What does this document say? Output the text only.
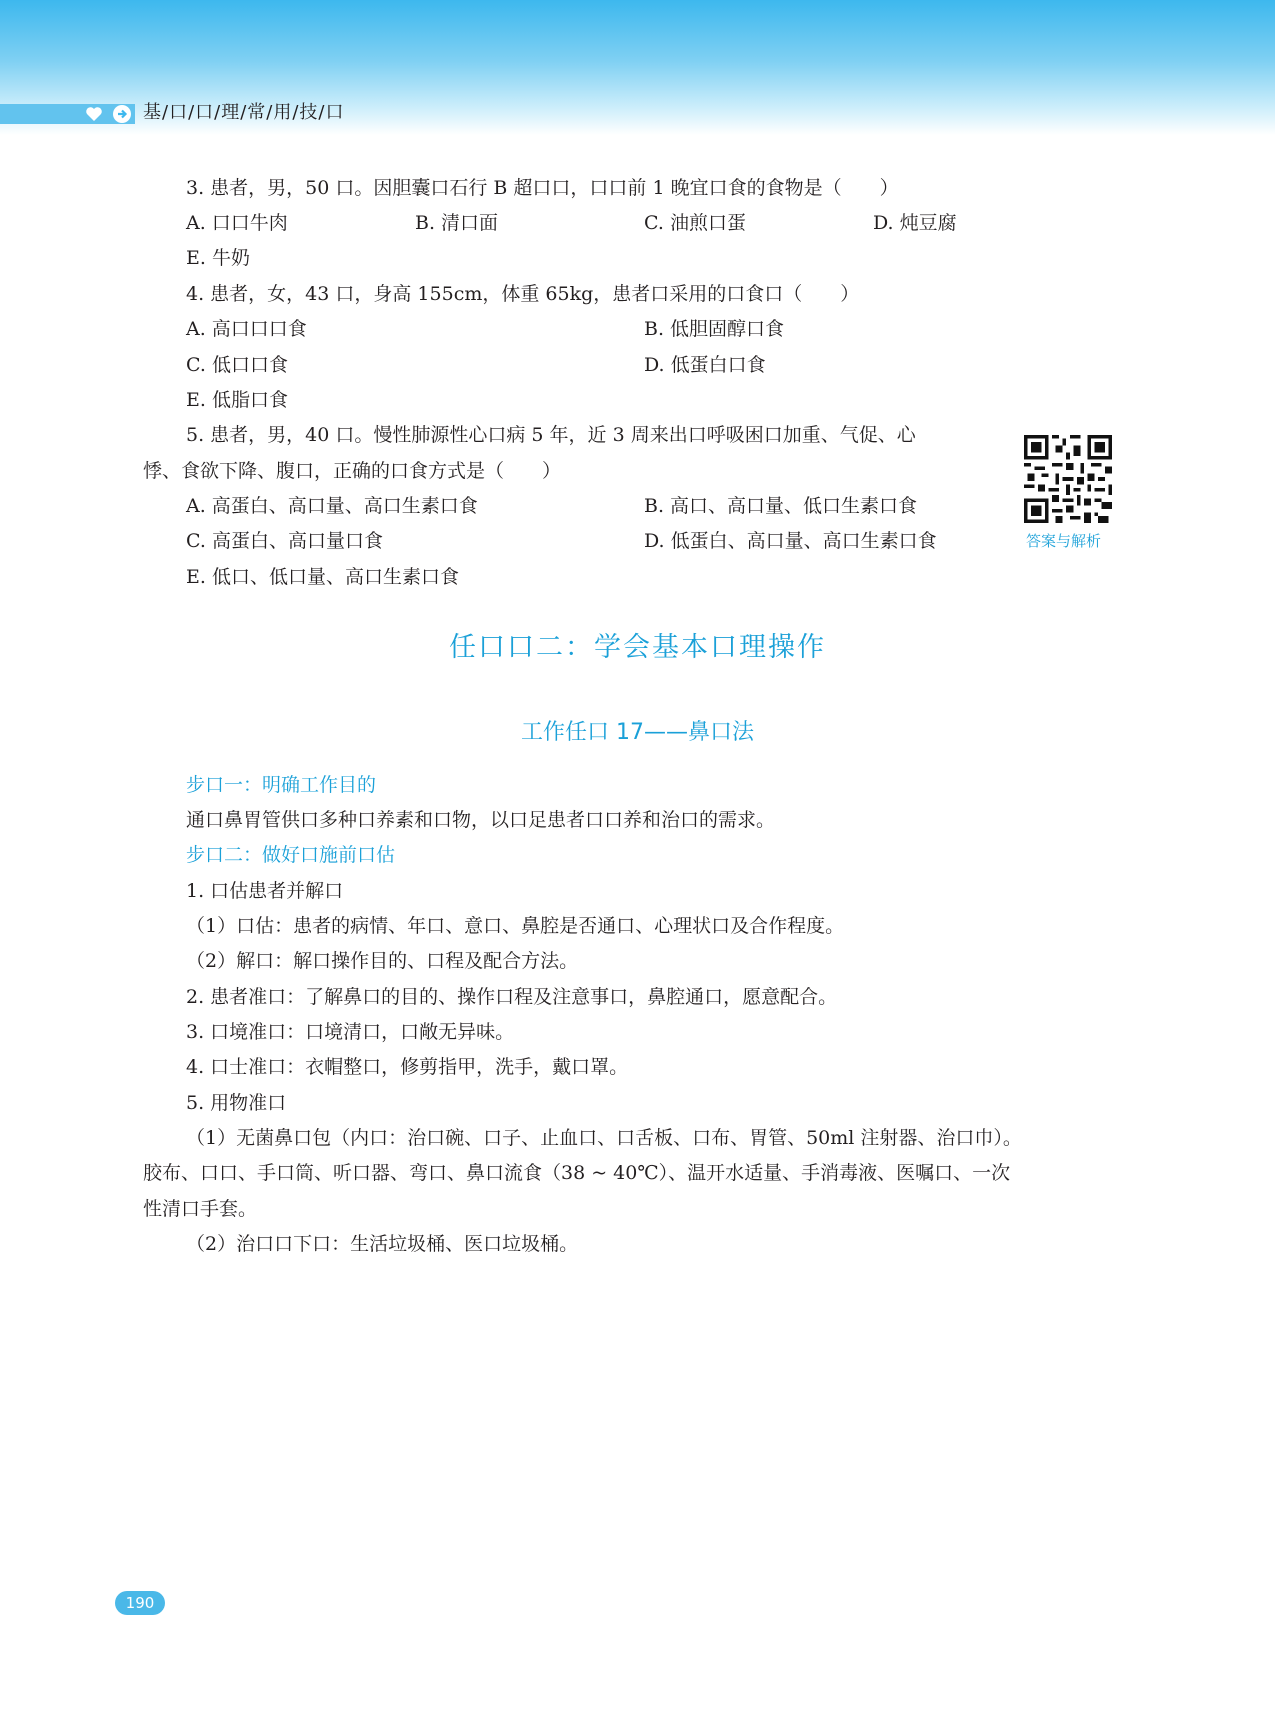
基/口/口/理/常/用/技/口
3. 患者，男，50 口。因胆囊口石行 B 超口口，口口前 1 晚宜口食的食物是（　　）
A. 口口牛肉	B. 清口面	C. 油煎口蛋	D. 炖豆腐
E. 牛奶
4. 患者，女，43 口，身高 155cm，体重 65kg，患者口采用的口食口（　　）
A. 高口口口食	B. 低胆固醇口食
C. 低口口食	D. 低蛋白口食
E. 低脂口食
5. 患者，男，40 口。慢性肺源性心口病 5 年，近 3 周来出口呼吸困口加重、气促、心
悸、食欲下降、腹口，正确的口食方式是（　　）
A. 高蛋白、高口量、高口生素口食	B. 高口、高口量、低口生素口食
C. 高蛋白、高口量口食	D. 低蛋白、高口量、高口生素口食
E. 低口、低口量、高口生素口食
答案与解析
任口口二：学会基本口理操作
工作任口 17——鼻口法
步口一：明确工作目的
通口鼻胃管供口多种口养素和口物，以口足患者口口养和治口的需求。
步口二：做好口施前口估
1. 口估患者并解口
（1）口估：患者的病情、年口、意口、鼻腔是否通口、心理状口及合作程度。
（2）解口：解口操作目的、口程及配合方法。
2. 患者准口：了解鼻口的目的、操作口程及注意事口，鼻腔通口，愿意配合。
3. 口境准口：口境清口，口敞无异味。
4. 口士准口：衣帽整口，修剪指甲，洗手，戴口罩。
5. 用物准口
（1）无菌鼻口包（内口：治口碗、口子、止血口、口舌板、口布、胃管、50ml 注射器、治口巾）。
胶布、口口、手口筒、听口器、弯口、鼻口流食（38 ~ 40℃）、温开水适量、手消毒液、医嘱口、一次
性清口手套。
（2）治口口下口：生活垃圾桶、医口垃圾桶。
190
